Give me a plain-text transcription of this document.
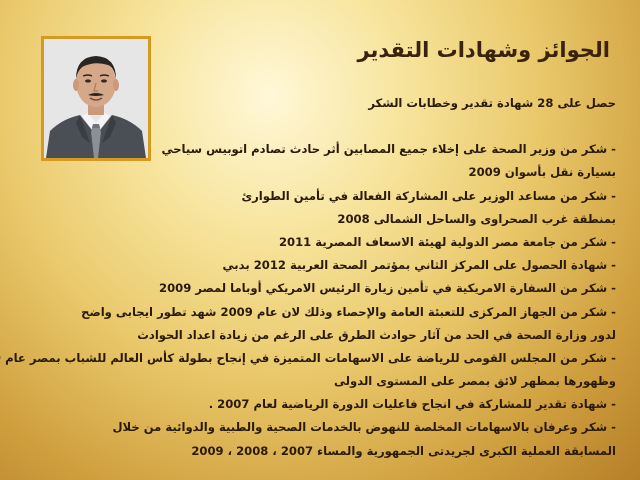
الجوائز وشهادات التقدير
حصل على 28 شهادة تقدير وخطابات الشكر
- شكر من وزير الصحة على إخلاء جميع المصابين أثر حادث تصادم اتوبيس سياحي
بسيارة نقل بأسوان 2009
- شكر من مساعد الوزير على المشاركة الفعالة في تأمين الطوارئ
بمنطقة غرب الصحراوى والساحل الشمالى 2008
- شكر من جامعة مصر الدولية لهيئة الاسعاف المصرية 2011
- شهادة الحصول على المركز الثاني بمؤتمر الصحة العربية 2012 بدبي
- شكر من السفارة الامريكية في تأمين زيارة الرئيس الامريكي أوباما لمصر 2009
- شكر من الجهاز المركزى للتعبئة العامة والإحصاء وذلك لان عام 2009 شهد تطور ايجابى واضح
لدور وزارة الصحة في الحد من آثار حوادث الطرق على الرغم من زيادة اعداد الحوادث
- شكر من المجلس القومى للرياضة على الاسهامات المتميزة في إنجاح بطولة كأس العالم للشباب بمصر عام
وظهورها بمظهر لائق بمصر على المستوى الدولى
- شهادة تقدير للمشاركة في انجاح فاعليات الدورة الرياضية لعام 2007 .
- شكر وعرفان بالاسهامات المخلصة للنهوض بالخدمات الصحية والطبية والدوائية من خلال
المسابقة العملية الكبرى لجريدتى الجمهورية والمساء 2007 ، 2008 ، 2009
